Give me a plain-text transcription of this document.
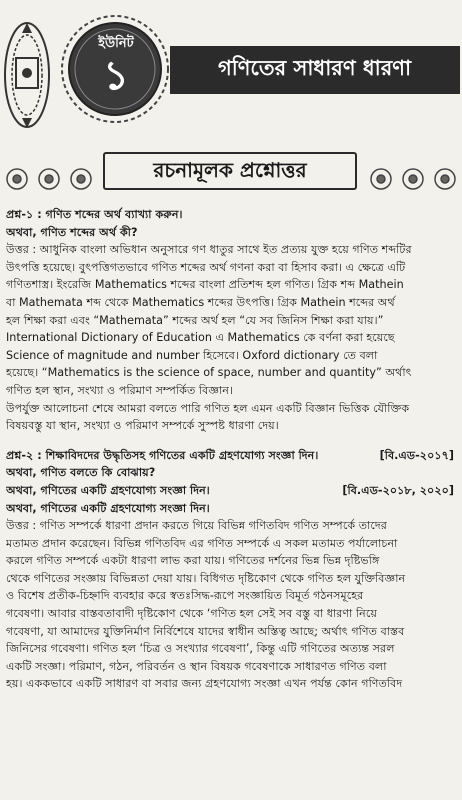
ইউনিট
১	গণিতের সাধারণ ধারণা
রচনামূলক প্রশ্নোত্তর
প্রশ্ন-১ : গণিত শব্দের অর্থ ব্যাখ্যা করুন।
অথবা, গণিত শব্দের অর্থ কী?
উত্তর : আধুনিক বাংলা অভিধান অনুসারে গণ ধাতুর সাথে ইত প্রত্যয় যুক্ত হয়ে গণিত শব্দটির
উৎপত্তি হয়েছে। বুৎপত্তিগতভাবে গণিত শব্দের অর্থ গণনা করা বা হিসাব করা। এ ক্ষেত্রে এটি
গণিতশাস্ত্র। ইংরেজি Mathematics শব্দের বাংলা প্রতিশব্দ হল গণিত। গ্রিক শব্দ Mathein
বা Mathemata শব্দ থেকে Mathematics শব্দের উৎপত্তি। গ্রিক Mathein শব্দের অর্থ
হল শিক্ষা করা এবং “Mathemata” শব্দের অর্থ হল “যে সব জিনিস শিক্ষা করা যায়।”
International Dictionary of Education এ Mathematics কে বর্ণনা করা হয়েছে
Science of magnitude and number হিসেবে। Oxford dictionary তে বলা
হয়েছে। “Mathematics is the science of space, number and quantity” অর্থাৎ
গণিত হল স্থান, সংখ্যা ও পরিমাণ সম্পর্কিত বিজ্ঞান।
উপর্যুক্ত আলোচনা শেষে আমরা বলতে পারি গণিত হল এমন একটি বিজ্ঞান ভিত্তিক যৌক্তিক
বিষয়বস্তু যা স্থান, সংখ্যা ও পরিমাণ সম্পর্কে সুস্পষ্ট ধারণা দেয়।
প্রশ্ন-২ : শিক্ষাবিদদের উদ্ধৃতিসহ গণিতের একটি গ্রহণযোগ্য সংজ্ঞা দিন।	[বি.এড-২০১৭]
অথবা, গণিত বলতে কি বোঝায়?
অথবা, গণিতের একটি গ্রহণযোগ্য সংজ্ঞা দিন।	[বি.এড-২০১৮, ২০২০]
অথবা, গণিতের একটি গ্রহণযোগ্য সংজ্ঞা দিন।
উত্তর : গণিত সম্পর্কে ধারণা প্রদান করতে গিয়ে বিভিন্ন গণিতবিদ গণিত সম্পর্কে তাদের
মতামত প্রদান করেছেন। বিভিন্ন গণিতবিদ এর গণিত সম্পর্কে এ সকল মতামত পর্যালোচনা
করলে গণিত সম্পর্কে একটা ধারণা লাভ করা যায়। গণিতের দর্শনের ভিন্ন ভিন্ন দৃষ্টিভঙ্গি
থেকে গণিতের সংজ্ঞায় বিভিন্নতা দেয়া যায়। বিধিগত দৃষ্টিকোণ থেকে গণিত হল যুক্তিবিজ্ঞান
ও বিশেষ প্রতীক-চিহ্নাদি ব্যবহার করে স্বতঃসিদ্ধ-রূপে সংজ্ঞায়িত বিমূর্ত গঠনসমূহের
গবেষণা। আবার বাস্তবতাবাদী দৃষ্টিকোণ থেকে ‘গণিত হল সেই সব বস্তু বা ধারণা নিয়ে
গবেষণা, যা আমাদের যুক্তিনির্মাণ নির্বিশেষে যাদের স্বাধীন অস্তিত্ব আছে; অর্থাৎ গণিত বাস্তব
জিনিসের গবেষণা। গণিত হল ‘চিত্র ও সংখ্যার গবেষণা’, কিন্তু এটি গণিতের অত্যন্ত সরল
একটি সংজ্ঞা। পরিমাণ, গঠন, পরিবর্তন ও স্থান বিষয়ক গবেষণাকে সাধারণত গণিত বলা
হয়। এককভাবে একটি সাধারণ বা সবার জন্য গ্রহণযোগ্য সংজ্ঞা এখন পর্যন্ত কোন গণিতবিদ
